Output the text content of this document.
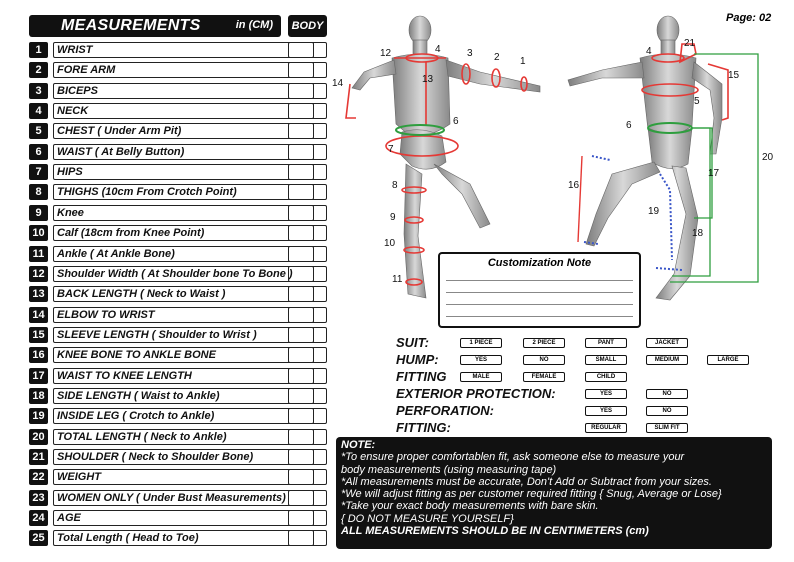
MEASUREMENTS	in (CM)	BODY
Page: 02
1	WRIST
2	FORE ARM
3	BICEPS
4	NECK
5	CHEST ( Under Arm Pit)
6	WAIST ( At Belly Button)
7	HIPS
8	THIGHS (10cm From Crotch Point)
9	Knee
10	Calf (18cm from Knee Point)
11	Ankle ( At Ankle Bone)
12	Shoulder Width ( At Shoulder bone To Bone )
13	BACK LENGTH ( Neck to Waist )
14	ELBOW TO WRIST
15	SLEEVE LENGTH ( Shoulder to Wrist )
16	KNEE BONE TO ANKLE BONE
17	WAIST TO KNEE LENGTH
18	SIDE LENGTH ( Waist to Ankle)
19	INSIDE LEG ( Crotch to Ankle)
20	TOTAL LENGTH ( Neck to Ankle)
21	SHOULDER ( Neck to Shoulder Bone)
22	WEIGHT
23	WOMEN ONLY ( Under Bust Measurements)
24	AGE
25	Total Length ( Head to Toe)
1
2
3
4
6
7
8
9
10
11
12
13
14
4
5
6
15
16
17
18
19
20
21
Customization Note
SUIT:	1 PIECE	2 PIECE	PANT	JACKET
HUMP:	YES	NO	SMALL	MEDIUM	LARGE
FITTING	MALE	FEMALE	CHILD
EXTERIOR PROTECTION:	YES	NO
PERFORATION:	YES	NO
FITTING:	REGULAR	SLIM FIT
NOTE:
*To ensure proper comfortablen fit, ask someone else to measure your
body measurements (using measuring tape)
*All measurements must be accurate, Don't Add or Subtract from your sizes.
*We will adjust fitting as per customer required fitting { Snug, Average or Lose}
*Take your exact body measurements with bare skin.
{ DO NOT MEASURE YOURSELF}
ALL MEASUREMENTS SHOULD BE IN CENTIMETERS (cm)
